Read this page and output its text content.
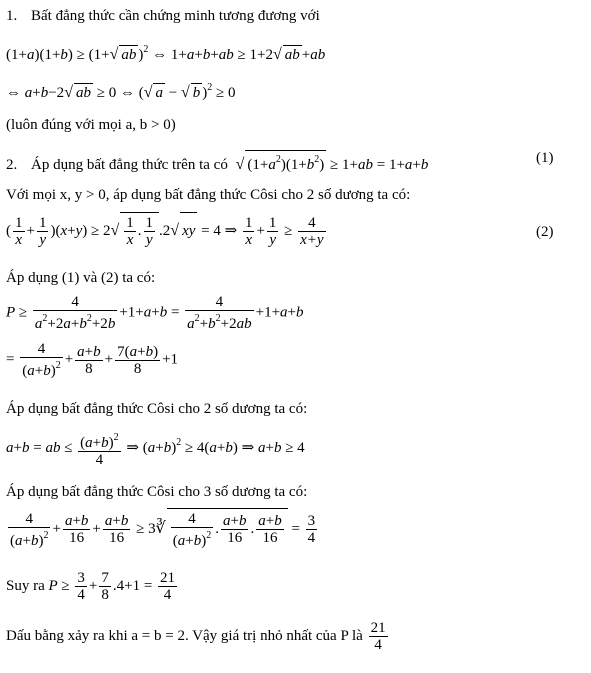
1. Bất đẳng thức cần chứng minh tương đương với
(1+a)(1+b) ≥ (1+√ ab )$^2$ ⇔ 1+a+b+ab ≥ 1+2√ ab +ab
⇔ a+b−2√ ab ≥ 0 ⇔ (√ a − √ b )$^2$ ≥ 0
(luôn đúng với mọi a, b > 0)
2. Áp dụng bất đẳng thức trên ta có √ $(1+a^2)(1+b^2) \ge 1+ab = 1+a+b$	(1)
Với mọi x, y > 0, áp dụng bất đẳng thức Côsi cho 2 số dương ta có:
( $\frac{1}{x} + \frac{1}{y} )(x+y) \ge 2√ \frac{1}{x}$ . $\frac{1}{y} .2√$ xy = 4 ⇒ $\frac{1}{x} + \frac{1}{y} \ge \frac{4}{x+y}$	(2)
Áp dụng (1) và (2) ta có:
$P \ge \frac{4}{a^2+2a+b^2+2b} +1+a+b = \frac{4}{a^2+b^2+2ab} +1+a+b$
= $\frac{4}{(a+b)^2} + \frac{a+b}{8} + \frac{7(a+b)}{8} +1$
Áp dụng bất đẳng thức Côsi cho 2 số dương ta có:
a+b = ab ≤ $\frac{(a+b)^2}{4}$ ⇒ $(a+b)^2 \ge 4(a+b)$ ⇒ a+b ≥ 4
Áp dụng bất đẳng thức Côsi cho 3 số dương ta có:
$\frac{4}{(a+b)^2} + \frac{a+b}{16} + \frac{a+b}{16}$ ≥ 3∛ $\frac{4}{(a+b)^2}$ . $\frac{a+b}{16}$ . $\frac{a+b}{16} = \frac{3}{4}$
Suy ra $P \ge \frac{3}{4} + \frac{7}{8} .4+1 = \frac{21}{4}$
Dấu bằng xảy ra khi a = b = 2. Vậy giá trị nhỏ nhất của P là $\frac{21}{4}$
